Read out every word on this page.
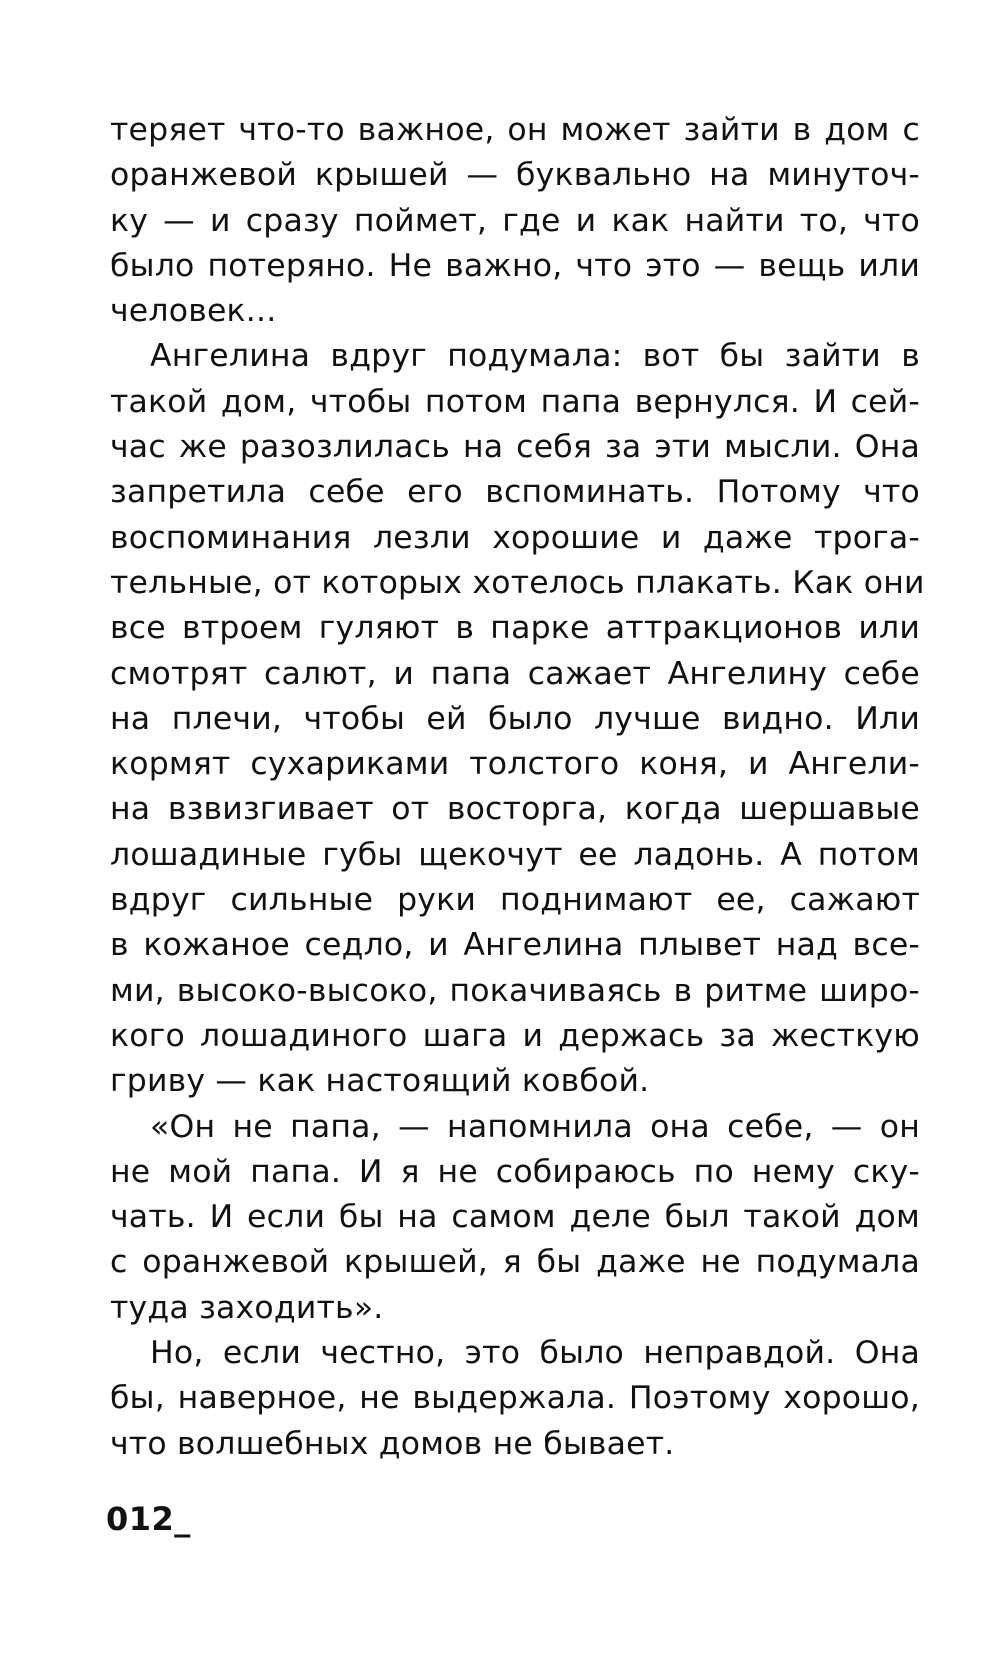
теряет что-то важное, он может зайти в дом с
оранжевой крышей — буквально на минуточ-
ку — и сразу поймет, где и как найти то, что
было потеряно. Не важно, что это — вещь или
человек...
Ангелина вдруг подумала: вот бы зайти в
такой дом, чтобы потом папа вернулся. И сей-
час же разозлилась на себя за эти мысли. Она
запретила себе его вспоминать. Потому что
воспоминания лезли хорошие и даже трога-
тельные, от которых хотелось плакать. Как они
все втроем гуляют в парке аттракционов или
смотрят салют, и папа сажает Ангелину себе
на плечи, чтобы ей было лучше видно. Или
кормят сухариками толстого коня, и Ангели-
на взвизгивает от восторга, когда шершавые
лошадиные губы щекочут ее ладонь. А потом
вдруг сильные руки поднимают ее, сажают
в кожаное седло, и Ангелина плывет над все-
ми, высоко-высоко, покачиваясь в ритме широ-
кого лошадиного шага и держась за жесткую
гриву — как настоящий ковбой.
«Он не папа, — напомнила она себе, — он
не мой папа. И я не собираюсь по нему ску-
чать. И если бы на самом деле был такой дом
с оранжевой крышей, я бы даже не подумала
туда заходить».
Но, если честно, это было неправдой. Она
бы, наверное, не выдержала. Поэтому хорошо,
что волшебных домов не бывает.
012_
